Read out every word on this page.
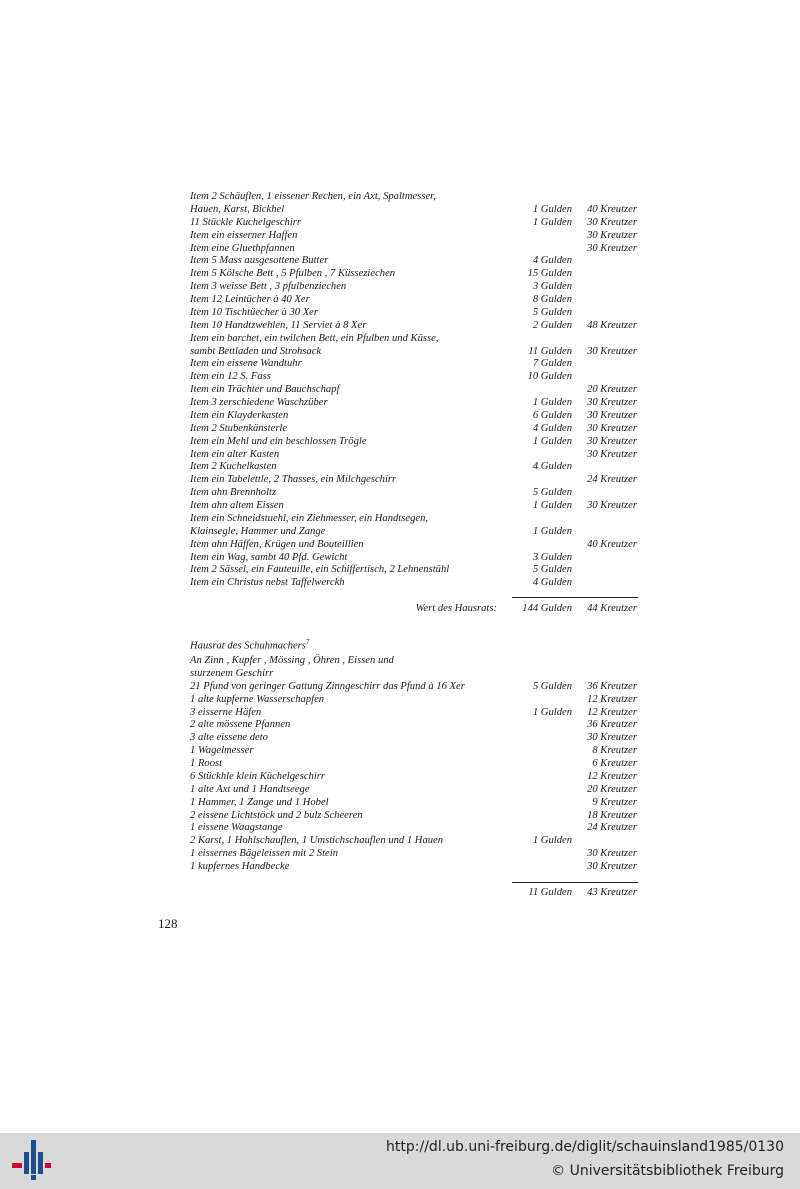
Item 2 Schäuflen, 1 eissener Rechen, ein Axt, Spaltmesser,
Hauen, Karst, Bickhel	1 Gulden 40 Kreutzer
11 Stückle Kuchelgeschirr	1 Gulden 30 Kreutzer
Item ein eisserner Haffen	30 Kreutzer
Item eine Gluethpfannen	30 Kreutzer
Item 5 Mass ausgesottene Butter	4 Gulden
Item 5 Kölsche Bett , 5 Pfulben , 7 Küsseziechen	15 Gulden
Item 3 weisse Bett , 3 pfulbenziechen	3 Gulden
Item 12 Leintücher à 40 Xer	8 Gulden
Item 10 Tischtüecher à 30 Xer	5 Gulden
Item 10 Handtzwehlen, 11 Serviet à 8 Xer	2 Gulden 48 Kreutzer
Item ein barchet, ein twilchen Bett, ein Pfulben und Küsse,
sambt Bettladen und Strohsack	11 Gulden 30 Kreutzer
Item ein eissene Wandtuhr	7 Gulden
Item ein 12 S. Fass	10 Gulden
Item ein Trächter und Bauchschapf	20 Kreutzer
Item 3 zerschiedene Waschzüber	1 Gulden 30 Kreutzer
Item ein Klayderkasten	6 Gulden 30 Kreutzer
Item 2 Stubenkänsterle	4 Gulden 30 Kreutzer
Item ein Mehl und ein beschlossen Trögle	1 Gulden 30 Kreutzer
Item ein alter Kasten	30 Kreutzer
Item 2 Kuchelkasten	4 Gulden
Item ein Tabelettle, 2 Thasses, ein Milchgeschirr	24 Kreutzer
Item ahn Brennholtz	5 Gulden
Item ahn altem Eissen	1 Gulden 30 Kreutzer
Item ein Schneidstuehl, ein Ziehmesser, ein Handtsegen,
Klainsegle, Hammer und Zange	1 Gulden
Item ahn Häffen, Krügen und Bouteillien	40 Kreutzer
Item ein Wag, sambt 40 Pfd. Gewicht	3 Gulden
Item 2 Sässel, ein Fauteuille, ein Schiffertisch, 2 Lehnenstühl	5 Gulden
Item ein Christus nebst Taffelwerckh	4 Gulden
Wert des Hausrats: 144 Gulden 44 Kreutzer
Hausrat des Schuhmachers$^7$
An Zinn , Kupfer , Mössing , Öhren , Eissen und
sturzenem Geschirr
21 Pfund von geringer Gattung Zinngeschirr das Pfund à 16 Xer	5 Gulden 36 Kreutzer
1 alte kupferne Wasserschapfen	12 Kreutzer
3 eisserne Häfen	1 Gulden 12 Kreutzer
2 alte mössene Pfannen	36 Kreutzer
3 alte eissene deto	30 Kreutzer
1 Wagelmesser	8 Kreutzer
1 Roost	6 Kreutzer
6 Stückhle klein Küchelgeschirr	12 Kreutzer
1 alte Axt und 1 Handtseege	20 Kreutzer
1 Hammer, 1 Zange und 1 Hobel	9 Kreutzer
2 eissene Lichtstöck und 2 bulz Scheeren	18 Kreutzer
1 eissene Waagstange	24 Kreutzer
2 Karst, 1 Hohlschauflen, 1 Umstichschauflen und 1 Hauen	1 Gulden
1 eissernes Bägeleissen mit 2 Stein	30 Kreutzer
1 kupfernes Handbecke	30 Kreutzer
11 Gulden 43 Kreutzer
128
http://dl.ub.uni-freiburg.de/diglit/schauinsland1985/0130
© Universitätsbibliothek Freiburg
